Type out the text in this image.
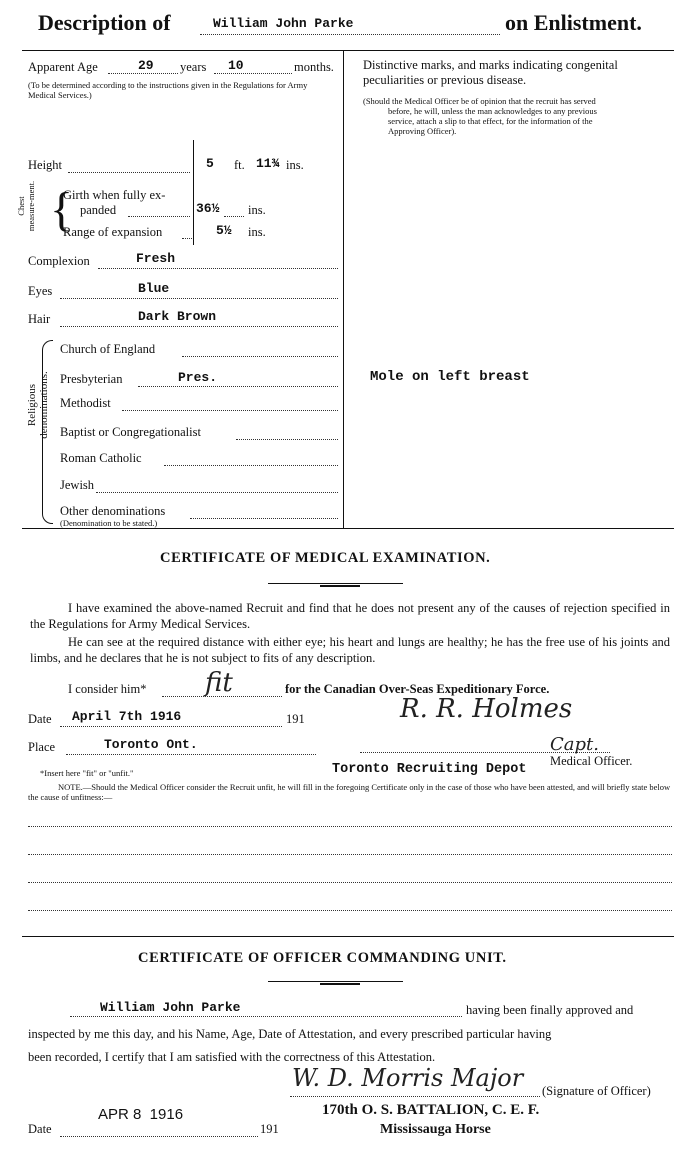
Description of	William John Parke	on Enlistment.
Apparent Age	29 years 10	months.
(To be determined according to the instructions given in the Regulations for Army Medical Services.)
Height	5 ft. 11¾ ins.
Chest measure-ment. {
Girth when fully ex-
panded	36½ ins.
Range of expansion	5½ ins.
Complexion	Fresh
Eyes	Blue
Hair	Dark Brown
Religious denominations.
Church of England
Presbyterian	Pres.
Methodist
Baptist or Congregationalist
Roman Catholic
Jewish
Other denominations
(Denomination to be stated.)
Distinctive marks, and marks indicating congenital
peculiarities or previous disease.
(Should the Medical Officer be of opinion that the recruit has served
before, he will, unless the man acknowledges to any previous
service, attach a slip to that effect, for the information of the
Approving Officer).
Mole on left breast
CERTIFICATE OF MEDICAL EXAMINATION.
I have examined the above-named Recruit and find that he does not present any of the causes of rejection specified in the Regulations for Army Medical Services.
He can see at the required distance with either eye; his heart and lungs are healthy; he has the free use of his joints and limbs, and he declares that he is not subject to fits of any description.
I consider him* fit	for the Canadian Over-Seas Expeditionary Force.
Date April 7th 1916	191
Place	Toronto Ont.
R. R. Holmes
Capt.
Medical Officer.
Toronto Recruiting Depot
*Insert here "fit" or "unfit."
NOTE.—Should the Medical Officer consider the Recruit unfit, he will fill in the foregoing Certificate only in the case of those who have been attested, and will briefly state below the cause of unfitness:—
CERTIFICATE OF OFFICER COMMANDING UNIT.
William John Parke	having been finally approved and
inspected by me this day, and his Name, Age, Date of Attestation, and every prescribed particular having
been recorded, I certify that I am satisfied with the correctness of this Attestation.
W. D. Morris Major (Signature of Officer)
APR 8  1916
Date	191
170th O. S. BATTALION, C. E. F.
Mississauga Horse
